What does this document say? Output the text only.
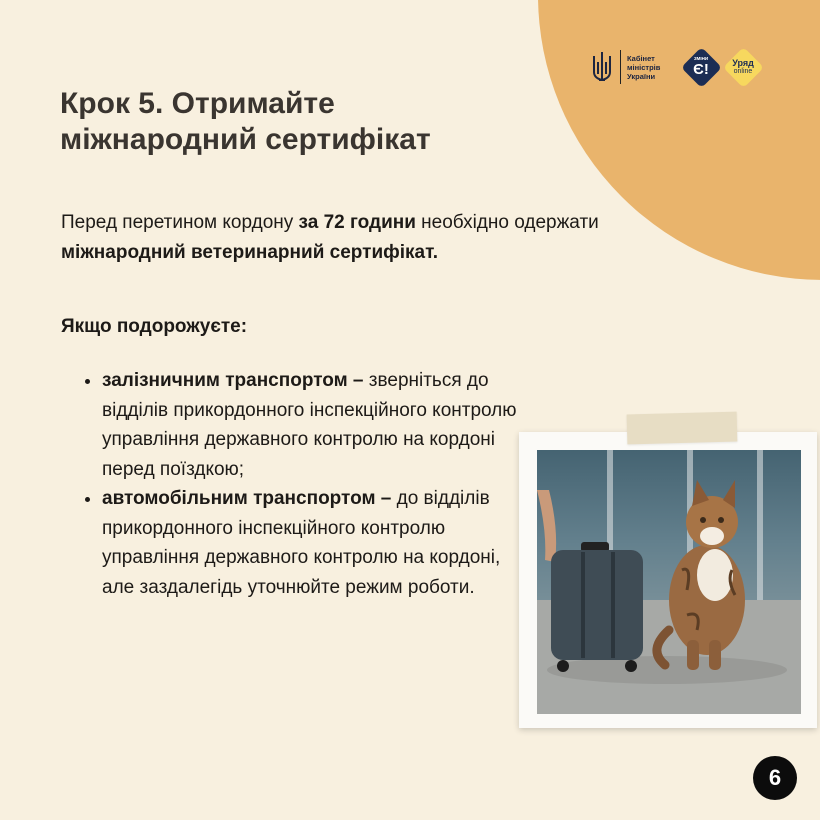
Кабінет
міністрів
України
ЗМІНИ
Є!	Уряд
online
Крок 5. Отримайте
міжнародний сертифікат

Перед перетином кордону за 72 години необхідно одержати міжнародний ветеринарний сертифікат.

Якщо подорожуєте:

• залізничним транспортом – зверніться до відділів прикордонного інспекційного контролю управління державного контролю на кордоні перед поїздкою;
• автомобільним транспортом – до відділів прикордонного інспекційного контролю управління державного контролю на кордоні, але заздалегідь уточнюйте режим роботи.
6
